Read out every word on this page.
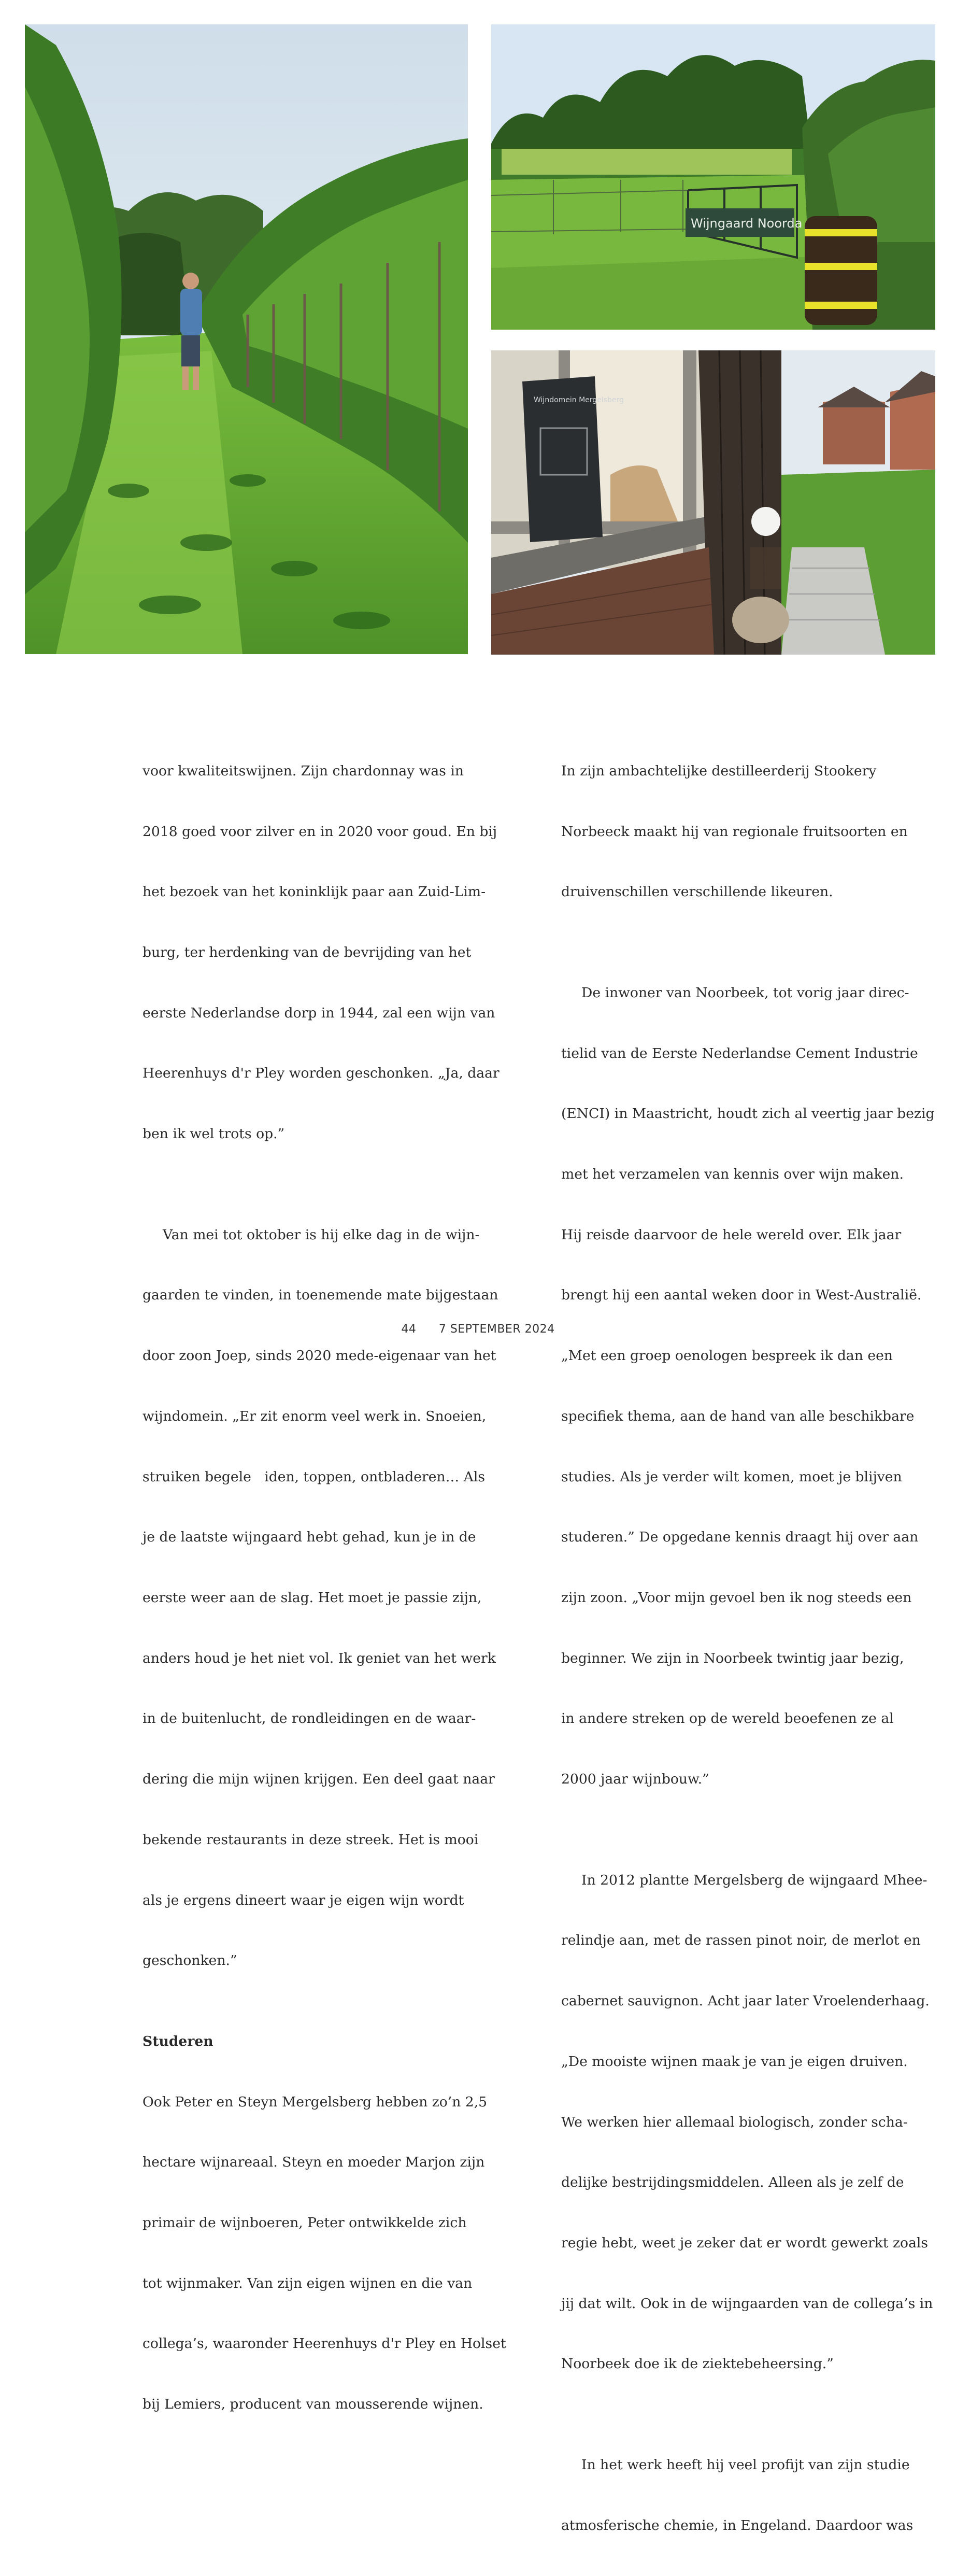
Wijngaard Noorda
Wijndomein Mergelsberg

voor kwaliteitswijnen. Zijn chardonnay was in

2018 goed voor zilver en in 2020 voor goud. En bij

het bezoek van het koninklijk paar aan Zuid-Lim-

burg, ter herdenking van de bevrijding van het

eerste Nederlandse dorp in 1944, zal een wijn van

Heerenhuys d'r Pley worden geschonken. „Ja, daar

ben ik wel trots op.”

Van mei tot oktober is hij elke dag in de wijn-

gaarden te vinden, in toenemende mate bijgestaan

door zoon Joep, sinds 2020 mede-eigenaar van het

wijndomein. „Er zit enorm veel werk in. Snoeien,

struiken begele   iden, toppen, ontbladeren… Als

je de laatste wijngaard hebt gehad, kun je in de

eerste weer aan de slag. Het moet je passie zijn,

anders houd je het niet vol. Ik geniet van het werk

in de buitenlucht, de rondleidingen en de waar-

dering die mijn wijnen krijgen. Een deel gaat naar

bekende restaurants in deze streek. Het is mooi

als je ergens dineert waar je eigen wijn wordt

geschonken.”

Studeren

Ook Peter en Steyn Mergelsberg hebben zo’n 2,5

hectare wijnareaal. Steyn en moeder Marjon zijn

primair de wijnboeren, Peter ontwikkelde zich

tot wijnmaker. Van zijn eigen wijnen en die van

collega’s, waaronder Heerenhuys d'r Pley en Holset

bij Lemiers, producent van mousserende wijnen.

In zijn ambachtelijke destilleerderij Stookery

Norbeeck maakt hij van regionale fruitsoorten en

druivenschillen verschillende likeuren.

De inwoner van Noorbeek, tot vorig jaar direc-

tielid van de Eerste Nederlandse Cement Industrie

(ENCI) in Maastricht, houdt zich al veertig jaar bezig

met het verzamelen van kennis over wijn maken.

Hij reisde daarvoor de hele wereld over. Elk jaar

brengt hij een aantal weken door in West-Australië.

„Met een groep oenologen bespreek ik dan een

specifiek thema, aan de hand van alle beschikbare

studies. Als je verder wilt komen, moet je blijven

studeren.” De opgedane kennis draagt hij over aan

zijn zoon. „Voor mijn gevoel ben ik nog steeds een

beginner. We zijn in Noorbeek twintig jaar bezig,

in andere streken op de wereld beoefenen ze al

2000 jaar wijnbouw.”

In 2012 plantte Mergelsberg de wijngaard Mhee-

relindje aan, met de rassen pinot noir, de merlot en

cabernet sauvignon. Acht jaar later Vroelenderhaag.

„De mooiste wijnen maak je van je eigen druiven.

We werken hier allemaal biologisch, zonder scha-

delijke bestrijdingsmiddelen. Alleen als je zelf de

regie hebt, weet je zeker dat er wordt gewerkt zoals

jij dat wilt. Ook in de wijngaarden van de collega’s in

Noorbeek doe ik de ziektebeheersing.”

In het werk heeft hij veel profijt van zijn studie

atmosferische chemie, in Engeland. Daardoor was

44 7 SEPTEMBER 2024
